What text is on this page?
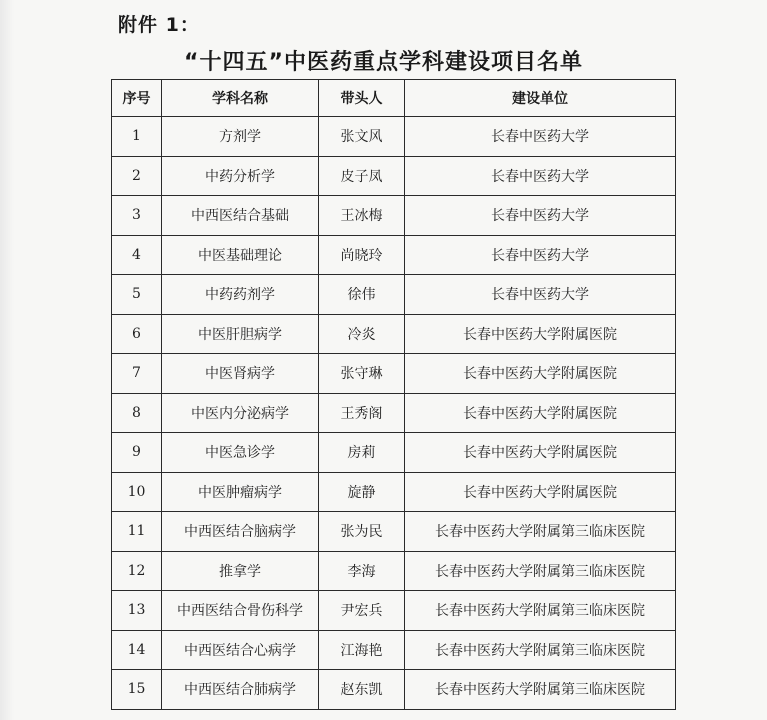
附件 1：
“十四五”中医药重点学科建设项目名单
序号	学科名称	带头人	建设单位
1	方剂学	张文风	长春中医药大学
2	中药分析学	皮子凤	长春中医药大学
3	中西医结合基础	王冰梅	长春中医药大学
4	中医基础理论	尚晓玲	长春中医药大学
5	中药药剂学	徐伟	长春中医药大学
6	中医肝胆病学	冷炎	长春中医药大学附属医院
7	中医肾病学	张守琳	长春中医药大学附属医院
8	中医内分泌病学	王秀阁	长春中医药大学附属医院
9	中医急诊学	房莉	长春中医药大学附属医院
10	中医肿瘤病学	旋静	长春中医药大学附属医院
11	中西医结合脑病学	张为民	长春中医药大学附属第三临床医院
12	推拿学	李海	长春中医药大学附属第三临床医院
13	中西医结合骨伤科学	尹宏兵	长春中医药大学附属第三临床医院
14	中西医结合心病学	江海艳	长春中医药大学附属第三临床医院
15	中西医结合肺病学	赵东凯	长春中医药大学附属第三临床医院
